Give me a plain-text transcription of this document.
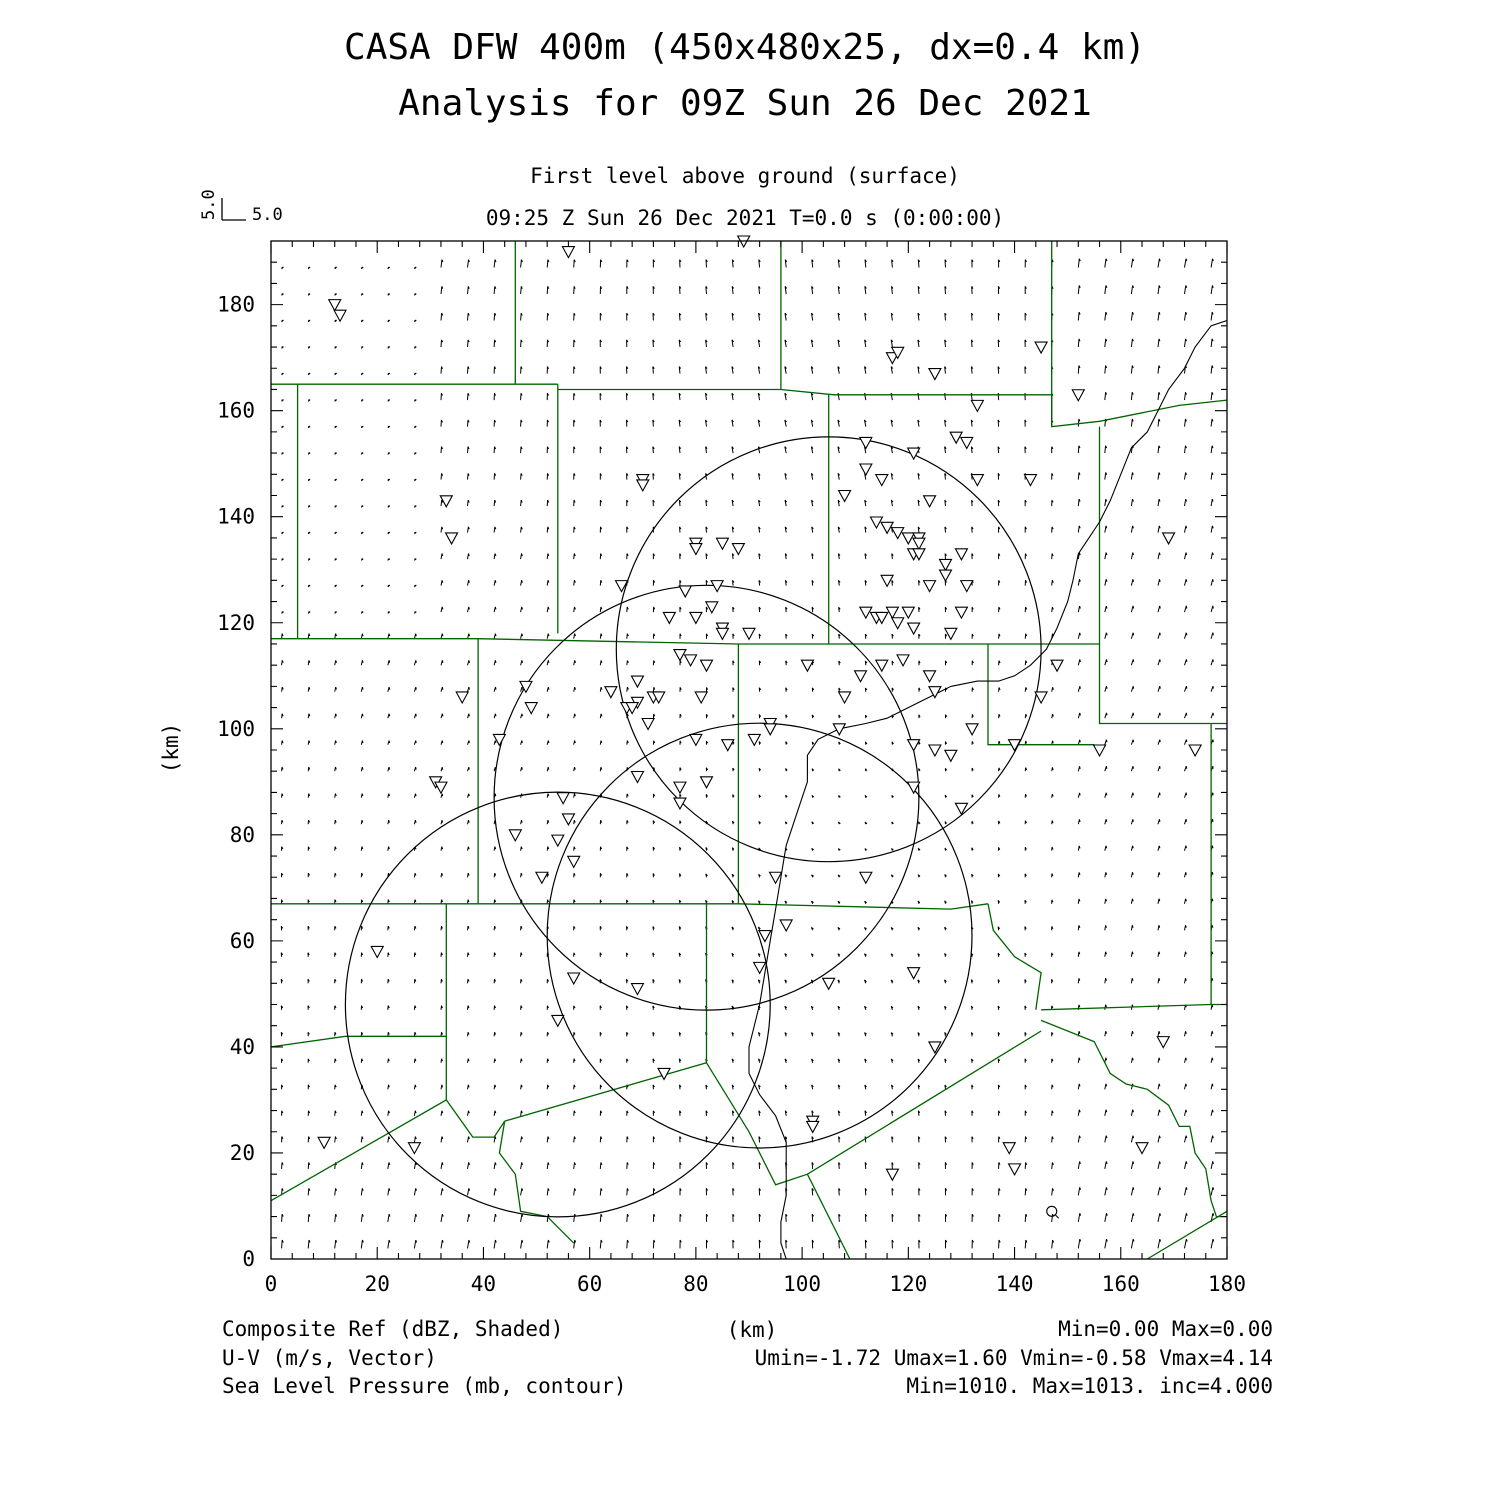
CASA DFW 400m (450x480x25, dx=0.4 km)
Analysis for 09Z Sun 26 Dec 2021
First level above ground (surface)
09:25 Z Sun 26 Dec 2021 T=0.0 s (0:00:00)
5.0
5.0
0	20	40	60	80	100	120	140	160	180
0
20
40
60
80
100
120
140
160
180
(km)
(km)
Composite Ref (dBZ, Shaded)	Min=0.00 Max=0.00
U-V (m/s, Vector)	Umin=-1.72 Umax=1.60 Vmin=-0.58 Vmax=4.14
Sea Level Pressure (mb, contour)	Min=1010. Max=1013. inc=4.000
